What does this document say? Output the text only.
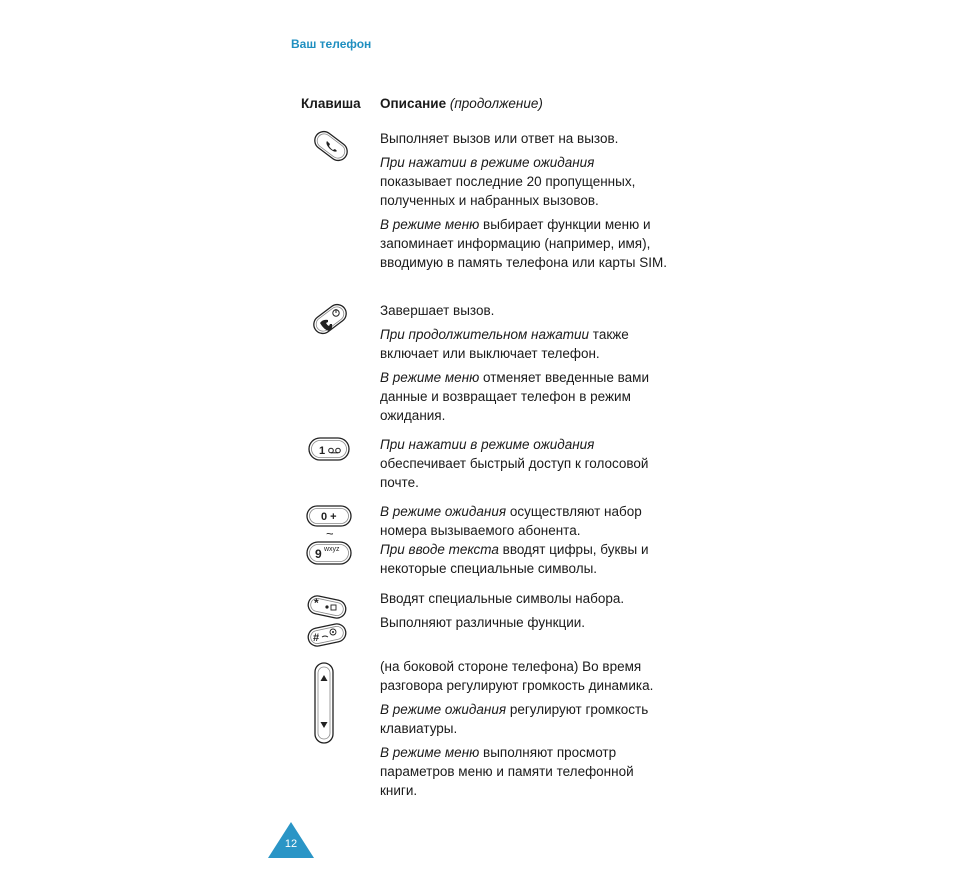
Ваш телефон
Клавиша Описание (продолжение)
1
0 +
~
9 wxyz
*
#

Выполняет вызов или ответ на вызов.

При нажатии в режиме ожидания показывает последние 20 пропущенных, полученных и набранных вызовов.

В режиме меню выбирает функции меню и запоминает информацию (например, имя), вводимую в память телефона или карты SIM.

Завершает вызов.

При продолжительном нажатии также включает или выключает телефон.

В режиме меню отменяет введенные вами данные и возвращает телефон в режим ожидания.

При нажатии в режиме ожидания обеспечивает быстрый доступ к голосовой почте.

В режиме ожидания осуществляют набор номера вызываемого абонента.

При вводе текста вводят цифры, буквы и некоторые специальные символы.

Вводят специальные символы набора.

Выполняют различные функции.

(на боковой стороне телефона) Во время разговора регулируют громкость динамика.

В режиме ожидания регулируют громкость клавиатуры.

В режиме меню выполняют просмотр параметров меню и памяти телефонной книги.

12
